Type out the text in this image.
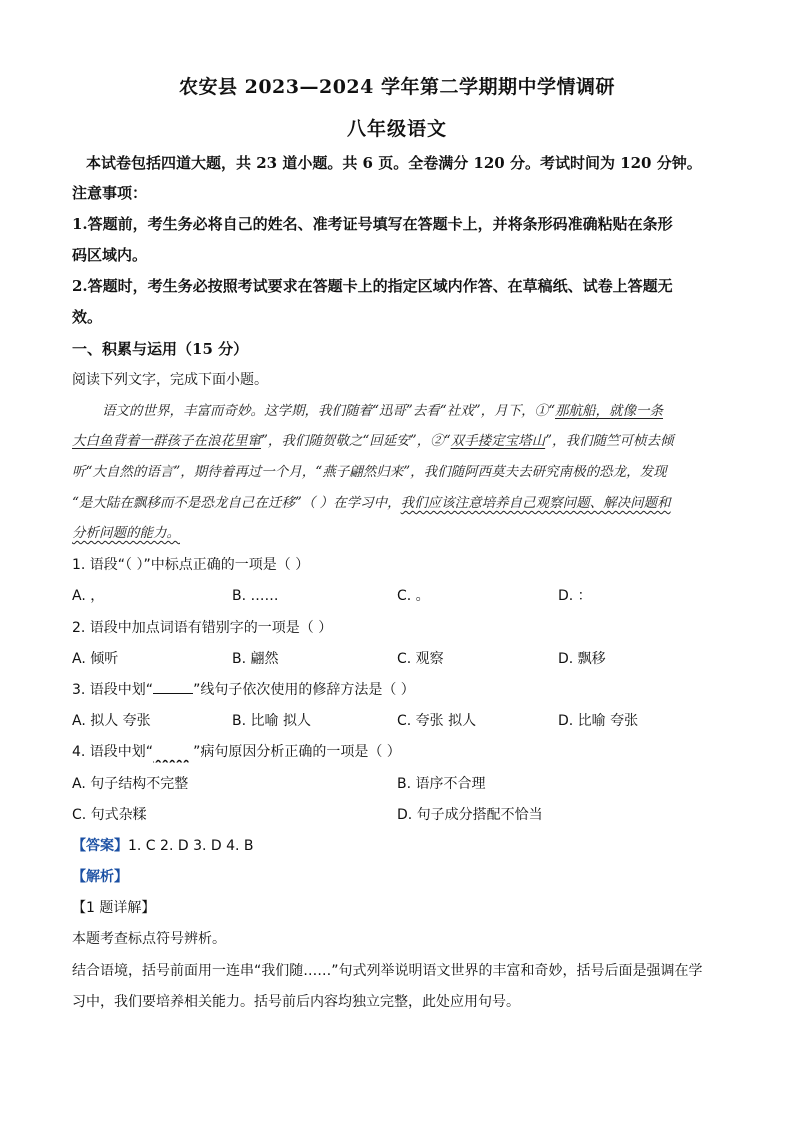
农安县 2023—2024 学年第二学期期中学情调研
八年级语文
本试卷包括四道大题，共 23 道小题。共 6 页。全卷满分 120 分。考试时间为 120 分钟。
注意事项：
1.答题前，考生务必将自己的姓名、准考证号填写在答题卡上，并将条形码准确粘贴在条形
码区域内。
2.答题时，考生务必按照考试要求在答题卡上的指定区域内作答、在草稿纸、试卷上答题无
效。
一、积累与运用（15 分）
阅读下列文字，完成下面小题。
语文的世界，丰富而奇妙。这学期，我们随着“迅哥”去看“社戏”，月下，①“那航船，就像一条
大白鱼背着一群孩子在浪花里窜”，我们随贺敬之“回延安”，②“双手搂定宝塔山”，我们随竺可桢去倾
听“大自然的语言”，期待着再过一个月，“燕子翩然归来”，我们随阿西莫夫去研究南极的恐龙，发现
“是大陆在飘移而不是恐龙自己在迁移”（ ）在学习中，我们应该注意培养自己观察问题、解决问题和
分析问题的能力。
1. 语段“（ ）”中标点正确的一项是（ ）
A. ，	B. ……	C. 。	D. ：
2. 语段中加点词语有错别字的一项是（ ）
A. 倾听	B. 翩然	C. 观察	D. 飘移
3. 语段中划“	”线句子依次使用的修辞方法是（ ）
A. 拟人 夸张	B. 比喻 拟人	C. 夸张 拟人	D. 比喻 夸张
4. 语段中划“​        ”病句原因分析正确的一项是（ ）
A. 句子结构不完整	B. 语序不合理
C. 句式杂糅	D. 句子成分搭配不恰当
【答案】1. C 2. D 3. D 4. B
【解析】
【1 题详解】
本题考查标点符号辨析。
结合语境，括号前面用一连串“我们随……”句式列举说明语文世界的丰富和奇妙，括号后面是强调在学
习中，我们要培养相关能力。括号前后内容均独立完整，此处应用句号。
